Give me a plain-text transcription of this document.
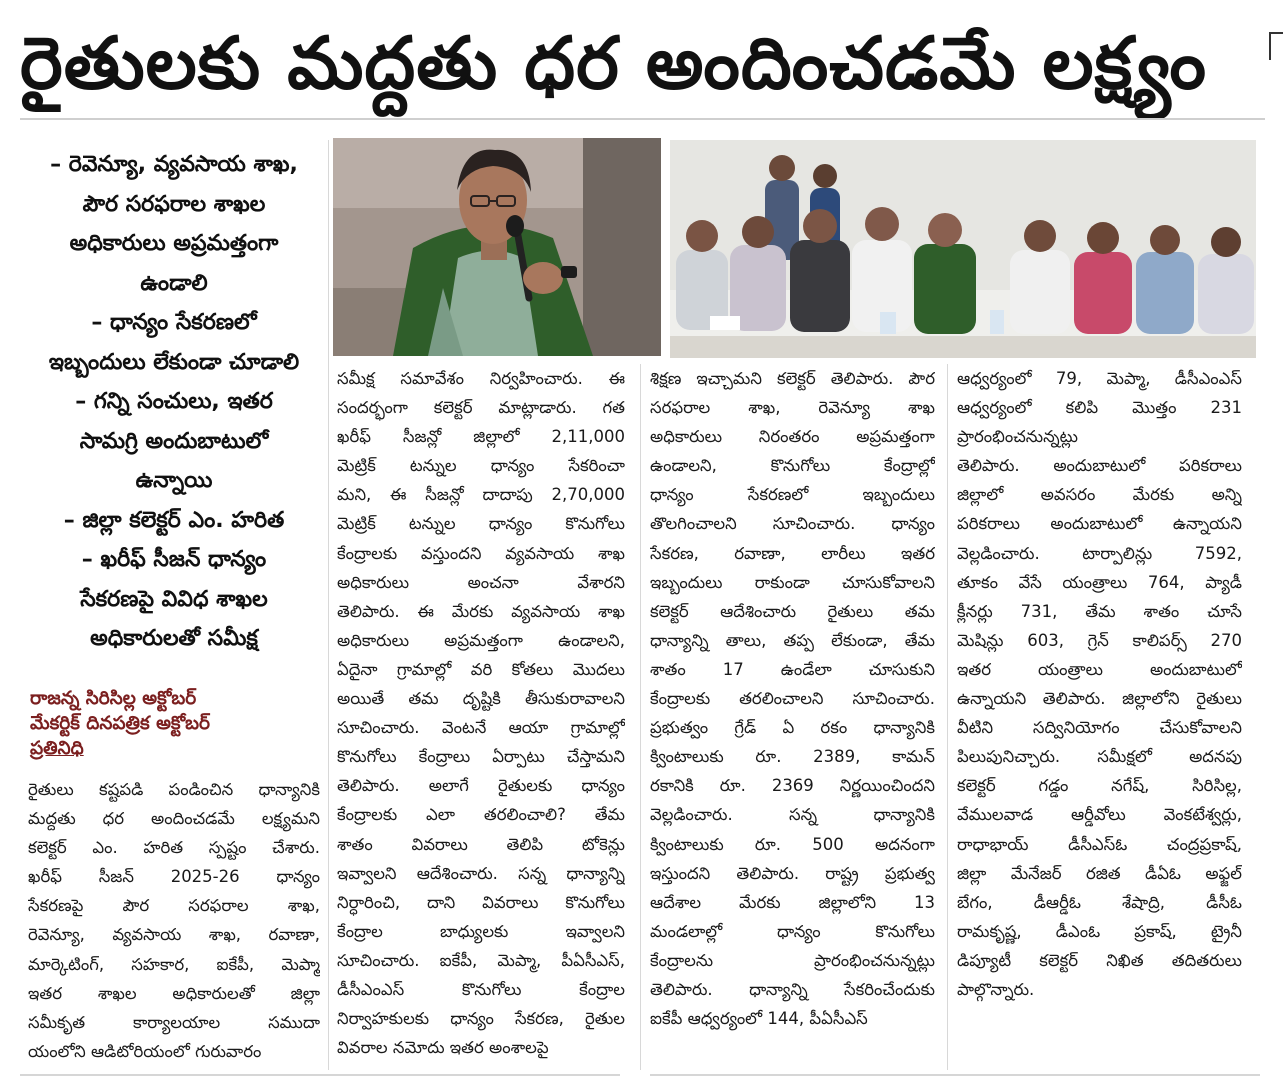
రైతులకు మద్దతు ధర అందించడమే లక్ష్యం
– రెవెన్యూ, వ్యవసాయ శాఖ,
పౌర సరఫరాల శాఖల
అధికారులు అప్రమత్తంగా
ఉండాలి
– ధాన్యం సేకరణలో
ఇబ్బందులు లేకుండా చూడాలి
– గన్ని సంచులు, ఇతర
సామగ్రి అందుబాటులో
ఉన్నాయి
– జిల్లా కలెక్టర్ ఎం. హరిత
– ఖరీఫ్ సీజన్ ధాన్యం
సేకరణపై వివిధ శాఖల
అధికారులతో సమీక్ష
రాజన్న సిరిసిల్ల అక్టోబర్
మేకర్టిక్ దినపత్రిక అక్టోబర్
ప్రతినిధి
రైతులు కష్టపడి పండించిన ధాన్యానికి
మద్దతు ధర అందించడమే లక్ష్యమని
కలెక్టర్ ఎం. హరిత స్పష్టం చేశారు.
ఖరీఫ్ సీజన్ 2025-26 ధాన్యం
సేకరణపై పౌర సరఫరాల శాఖ,
రెవెన్యూ, వ్యవసాయ శాఖ, రవాణా,
మార్కెటింగ్, సహకార, ఐకేపీ, మెప్మా
ఇతర శాఖల అధికారులతో జిల్లా
సమీకృత కార్యాలయాల సముదా
యంలోని ఆడిటోరియంలో గురువారం
సమీక్ష సమావేశం నిర్వహించారు. ఈ
సందర్భంగా కలెక్టర్ మాట్లాడారు. గత
ఖరీఫ్ సీజన్లో జిల్లాలో 2,11,000
మెట్రిక్ టన్నుల ధాన్యం సేకరించా
మని, ఈ సీజన్లో దాదాపు 2,70,000
మెట్రిక్ టన్నుల ధాన్యం కొనుగోలు
కేంద్రాలకు వస్తుందని వ్యవసాయ శాఖ
అధికారులు అంచనా వేశారని
తెలిపారు. ఈ మేరకు వ్యవసాయ శాఖ
అధికారులు అప్రమత్తంగా ఉండాలని,
ఏదైనా గ్రామాల్లో వరి కోతలు మొదలు
అయితే తమ దృష్టికి తీసుకురావాలని
సూచించారు. వెంటనే ఆయా గ్రామాల్లో
కొనుగోలు కేంద్రాలు ఏర్పాటు చేస్తామని
తెలిపారు. అలాగే రైతులకు ధాన్యం
కేంద్రాలకు ఎలా తరలించాలి? తేమ
శాతం వివరాలు తెలిపి టోకెన్లు
ఇవ్వాలని ఆదేశించారు. సన్న ధాన్యాన్ని
నిర్ధారించి, దాని వివరాలు కొనుగోలు
కేంద్రాల బాధ్యులకు ఇవ్వాలని
సూచించారు. ఐకేపీ, మెప్మా, పీఏసీఎస్,
డీసీఎంఎస్ కొనుగోలు కేంద్రాల
నిర్వాహకులకు ధాన్యం సేకరణ, రైతుల
వివరాల నమోదు ఇతర అంశాలపై
శిక్షణ ఇచ్చామని కలెక్టర్ తెలిపారు. పౌర
సరఫరాల శాఖ, రెవెన్యూ శాఖ
అధికారులు నిరంతరం అప్రమత్తంగా
ఉండాలని, కొనుగోలు కేంద్రాల్లో
ధాన్యం సేకరణలో ఇబ్బందులు
తొలగించాలని సూచించారు. ధాన్యం
సేకరణ, రవాణా, లారీలు ఇతర
ఇబ్బందులు రాకుండా చూసుకోవాలని
కలెక్టర్ ఆదేశించారు రైతులు తమ
ధాన్యాన్ని తాలు, తప్ప లేకుండా, తేమ
శాతం 17 ఉండేలా చూసుకుని
కేంద్రాలకు తరలించాలని సూచించారు.
ప్రభుత్వం గ్రేడ్ ఏ రకం ధాన్యానికి
క్వింటాలుకు రూ. 2389, కామన్
రకానికి రూ. 2369 నిర్ణయించిందని
వెల్లడించారు. సన్న ధాన్యానికి
క్వింటాలుకు రూ. 500 అదనంగా
ఇస్తుందని తెలిపారు. రాష్ట్ర ప్రభుత్వ
ఆదేశాల మేరకు జిల్లాలోని 13
మండలాల్లో ధాన్యం కొనుగోలు
కేంద్రాలను ప్రారంభించనున్నట్లు
తెలిపారు. ధాన్యాన్ని సేకరించేందుకు
ఐకేపీ ఆధ్వర్యంలో 144, పీఏసీఎస్
ఆధ్వర్యంలో 79, మెప్మా, డీసీఎంఎస్
ఆధ్వర్యంలో కలిపి మొత్తం 231
ప్రారంభించనున్నట్లు
తెలిపారు. అందుబాటులో పరికరాలు
జిల్లాలో అవసరం మేరకు అన్ని
పరికరాలు అందుబాటులో ఉన్నాయని
వెల్లడించారు. టార్పాలిన్లు 7592,
తూకం వేసే యంత్రాలు 764, ప్యాడీ
క్లీనర్లు 731, తేమ శాతం చూసే
మెషిన్లు 603, గ్రెన్ కాలిపర్స్ 270
ఇతర యంత్రాలు అందుబాటులో
ఉన్నాయని తెలిపారు. జిల్లాలోని రైతులు
వీటిని సద్వినియోగం చేసుకోవాలని
పిలుపునిచ్చారు. సమీక్షలో అదనపు
కలెక్టర్ గడ్డం నగేష్, సిరిసిల్ల,
వేములవాడ ఆర్డీవోలు వెంకటేశ్వర్లు,
రాధాభాయ్ డీసీఎస్ఓ చంద్రప్రకాష్,
జిల్లా మేనేజర్ రజిత డీఏఓ అఫ్జల్
బేగం, డీఆర్డీఓ శేషాద్రి, డీసీఓ
రామకృష్ణ, డీఎంఓ ప్రకాష్, ట్రైనీ
డిప్యూటీ కలెక్టర్ నిఖిత తదితరులు
పాల్గొన్నారు.
